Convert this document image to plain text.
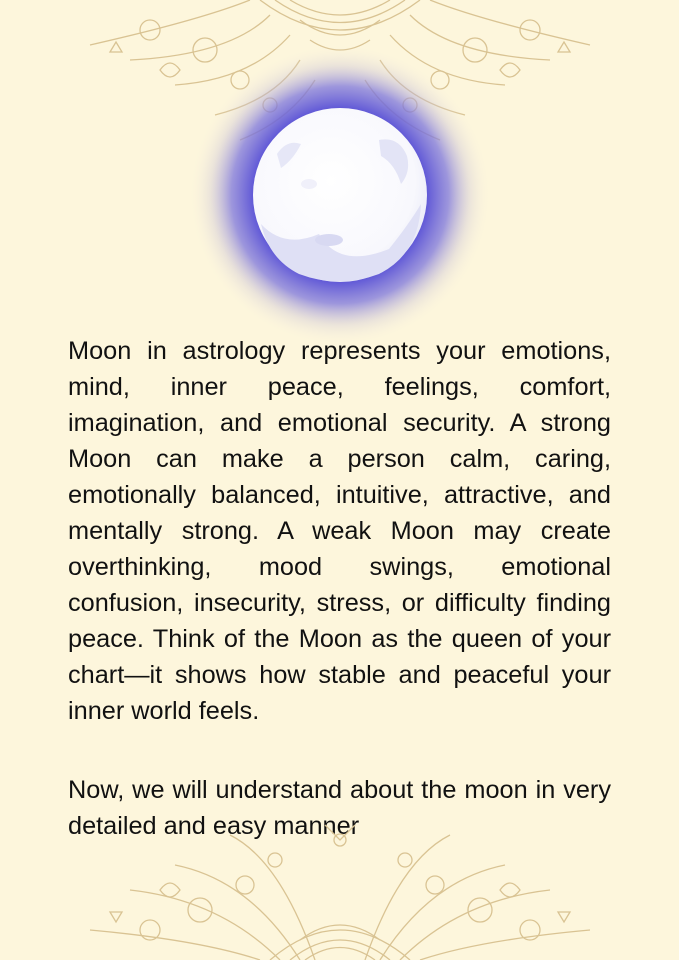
Moon in astrology represents your emotions, mind, inner peace, feelings, comfort, imagination, and emotional security. A strong Moon can make a person calm, caring, emotionally balanced, intuitive, attractive, and mentally strong. A weak Moon may create overthinking, mood swings, emotional confusion, insecurity, stress, or difficulty finding peace. Think of the Moon as the queen of your chart—it shows how stable and peaceful your inner world feels.

Now, we will understand about the moon in very detailed and easy manner
